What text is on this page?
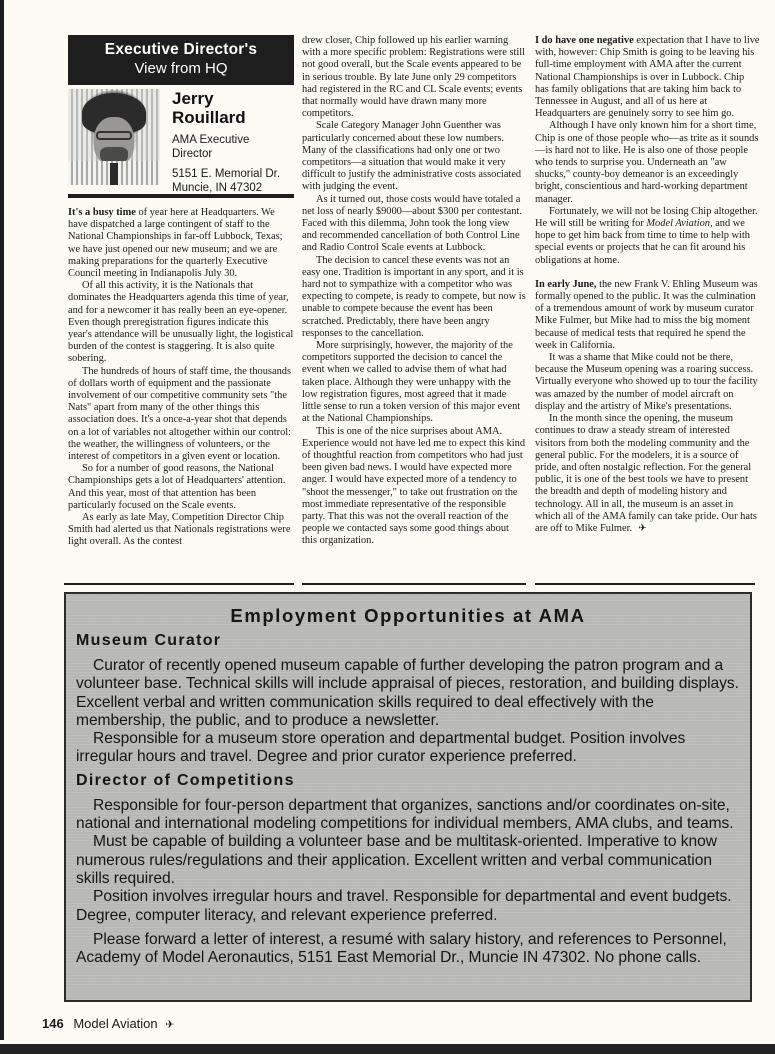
Executive Director's
View from HQ
Jerry
Rouillard
AMA Executive
Director
5151 E. Memorial Dr.
Muncie, IN 47302

It's a busy time of year here at Headquarters. We have dispatched a large contingent of staff to the National Championships in far-off Lubbock, Texas; we have just opened our new museum; and we are making preparations for the quarterly Executive Council meeting in Indianapolis July 30.

Of all this activity, it is the Nationals that dominates the Headquarters agenda this time of year, and for a newcomer it has really been an eye-opener. Even though preregistration figures indicate this year's attendance will be unusually light, the logistical burden of the contest is staggering. It is also quite sobering.

The hundreds of hours of staff time, the thousands of dollars worth of equipment and the passionate involvement of our competitive community sets "the Nats" apart from many of the other things this association does. It's a once-a-year shot that depends on a lot of variables not altogether within our control: the weather, the willingness of volunteers, or the interest of competitors in a given event or location.

So for a number of good reasons, the National Championships gets a lot of Headquarters' attention. And this year, most of that attention has been particularly focused on the Scale events.

As early as late May, Competition Director Chip Smith had alerted us that Nationals registrations were light overall. As the contest

drew closer, Chip followed up his earlier warning with a more specific problem: Registrations were still not good overall, but the Scale events appeared to be in serious trouble. By late June only 29 competitors had registered in the RC and CL Scale events; events that normally would have drawn many more competitors.

Scale Category Manager John Guenther was particularly concerned about these low numbers. Many of the classifications had only one or two competitors—a situation that would make it very difficult to justify the administrative costs associated with judging the event.

As it turned out, those costs would have totaled a net loss of nearly $9000—about $300 per contestant. Faced with this dilemma, John took the long view and recommended cancellation of both Control Line and Radio Control Scale events at Lubbock.

The decision to cancel these events was not an easy one. Tradition is important in any sport, and it is hard not to sympathize with a competitor who was expecting to compete, is ready to compete, but now is unable to compete because the event has been scratched. Predictably, there have been angry responses to the cancellation.

More surprisingly, however, the majority of the competitors supported the decision to cancel the event when we called to advise them of what had taken place. Although they were unhappy with the low registration figures, most agreed that it made little sense to run a token version of this major event at the National Championships.

This is one of the nice surprises about AMA. Experience would not have led me to expect this kind of thoughtful reaction from competitors who had just been given bad news. I would have expected more anger. I would have expected more of a tendency to "shoot the messenger," to take out frustration on the most immediate representative of the responsible party. That this was not the overall reaction of the people we contacted says some good things about this organization.

I do have one negative expectation that I have to live with, however: Chip Smith is going to be leaving his full-time employment with AMA after the current National Championships is over in Lubbock. Chip has family obligations that are taking him back to Tennessee in August, and all of us here at Headquarters are genuinely sorry to see him go.

Although I have only known him for a short time, Chip is one of those people who—as trite as it sounds—is hard not to like. He is also one of those people who tends to surprise you. Underneath an "aw shucks," county-boy demeanor is an exceedingly bright, conscientious and hard-working department manager.

Fortunately, we will not be losing Chip altogether. He will still be writing for Model Aviation, and we hope to get him back from time to time to help with special events or projects that he can fit around his obligations at home.

In early June, the new Frank V. Ehling Museum was formally opened to the public. It was the culmination of a tremendous amount of work by museum curator Mike Fulmer, but Mike had to miss the big moment because of medical tests that required he spend the week in California.

It was a shame that Mike could not be there, because the Museum opening was a roaring success. Virtually everyone who showed up to tour the facility was amazed by the number of model aircraft on display and the artistry of Mike's presentations.

In the month since the opening, the museum continues to draw a steady stream of interested visitors from both the modeling community and the general public. For the modelers, it is a source of pride, and often nostalgic reflection. For the general public, it is one of the best tools we have to present the breadth and depth of modeling history and technology. All in all, the museum is an asset in which all of the AMA family can take pride. Our hats are off to Mike Fulmer. ✈

Employment Opportunities at AMA
Museum Curator
Curator of recently opened museum capable of further developing the patron program and a volunteer base. Technical skills will include appraisal of pieces, restoration, and building displays. Excellent verbal and written communication skills required to deal effectively with the membership, the public, and to produce a newsletter.
Responsible for a museum store operation and departmental budget. Position involves irregular hours and travel. Degree and prior curator experience preferred.
Director of Competitions
Responsible for four-person department that organizes, sanctions and/or coordinates on-site, national and international modeling competitions for individual members, AMA clubs, and teams.
Must be capable of building a volunteer base and be multitask-oriented. Imperative to know numerous rules/regulations and their application. Excellent written and verbal communication skills required.
Position involves irregular hours and travel. Responsible for departmental and event budgets. Degree, computer literacy, and relevant experience preferred.
Please forward a letter of interest, a resumé with salary history, and references to Personnel, Academy of Model Aeronautics, 5151 East Memorial Dr., Muncie IN 47302. No phone calls.
146 Model Aviation ✈
